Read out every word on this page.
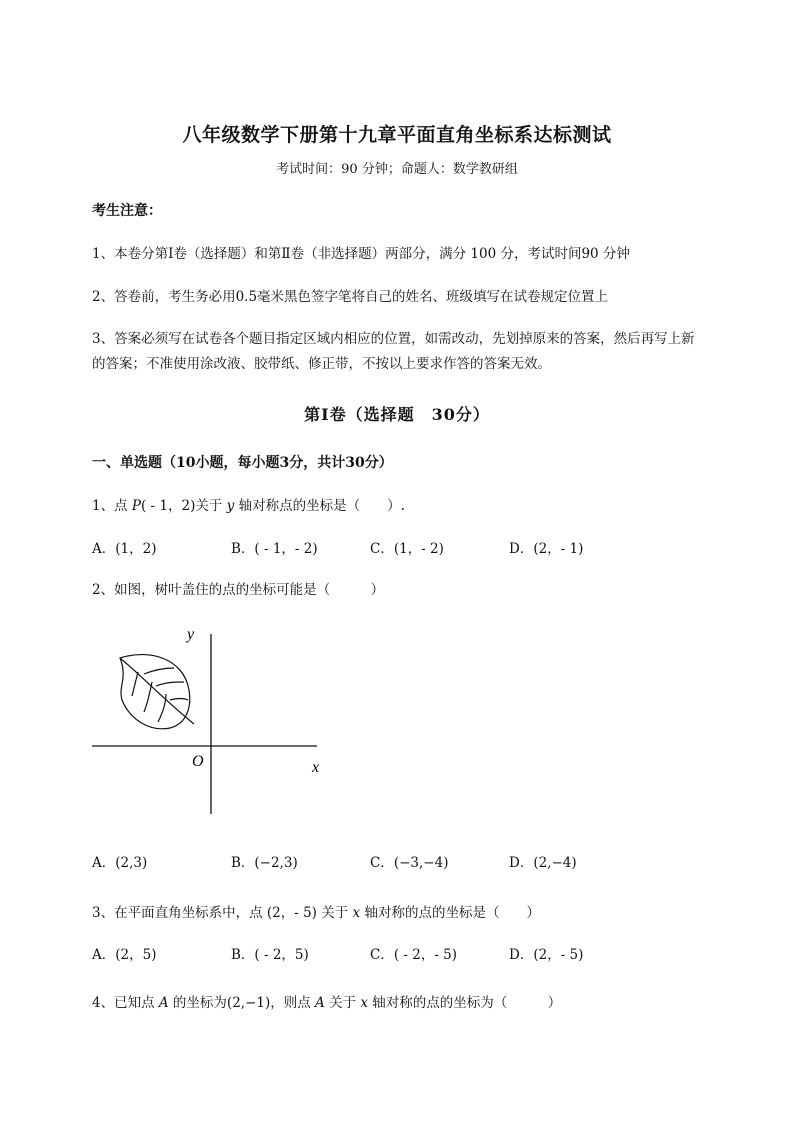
八年级数学下册第十九章平面直角坐标系达标测试
考试时间：90 分钟；命题人：数学教研组
考生注意：
1、本卷分第Ⅰ卷（选择题）和第Ⅱ卷（非选择题）两部分，满分 100 分，考试时间90 分钟
2、答卷前，考生务必用0.5毫米黑色签字笔将自己的姓名、班级填写在试卷规定位置上
3、答案必须写在试卷各个题目指定区域内相应的位置，如需改动，先划掉原来的答案，然后再写上新
的答案；不准使用涂改液、胶带纸、修正带，不按以上要求作答的答案无效。
第Ⅰ卷（选择题　30分）
一、单选题（10小题，每小题3分，共计30分）
1、点 P( - 1，2)关于 y 轴对称点的坐标是（　　）.
A．(1，2)	B．( - 1，- 2)	C．(1，- 2)	D．(2，- 1)
2、如图，树叶盖住的点的坐标可能是（　　　）
y
x
O
A．(2,3)	B．(−2,3)	C．(−3,−4)	D．(2,−4)
3、在平面直角坐标系中，点 (2，- 5) 关于 x 轴对称的点的坐标是（　　）
A．(2，5)	B．( - 2，5)	C．( - 2，- 5)	D．(2，- 5)
4、已知点 A 的坐标为(2,−1)，则点 A 关于 x 轴对称的点的坐标为（　　　）
